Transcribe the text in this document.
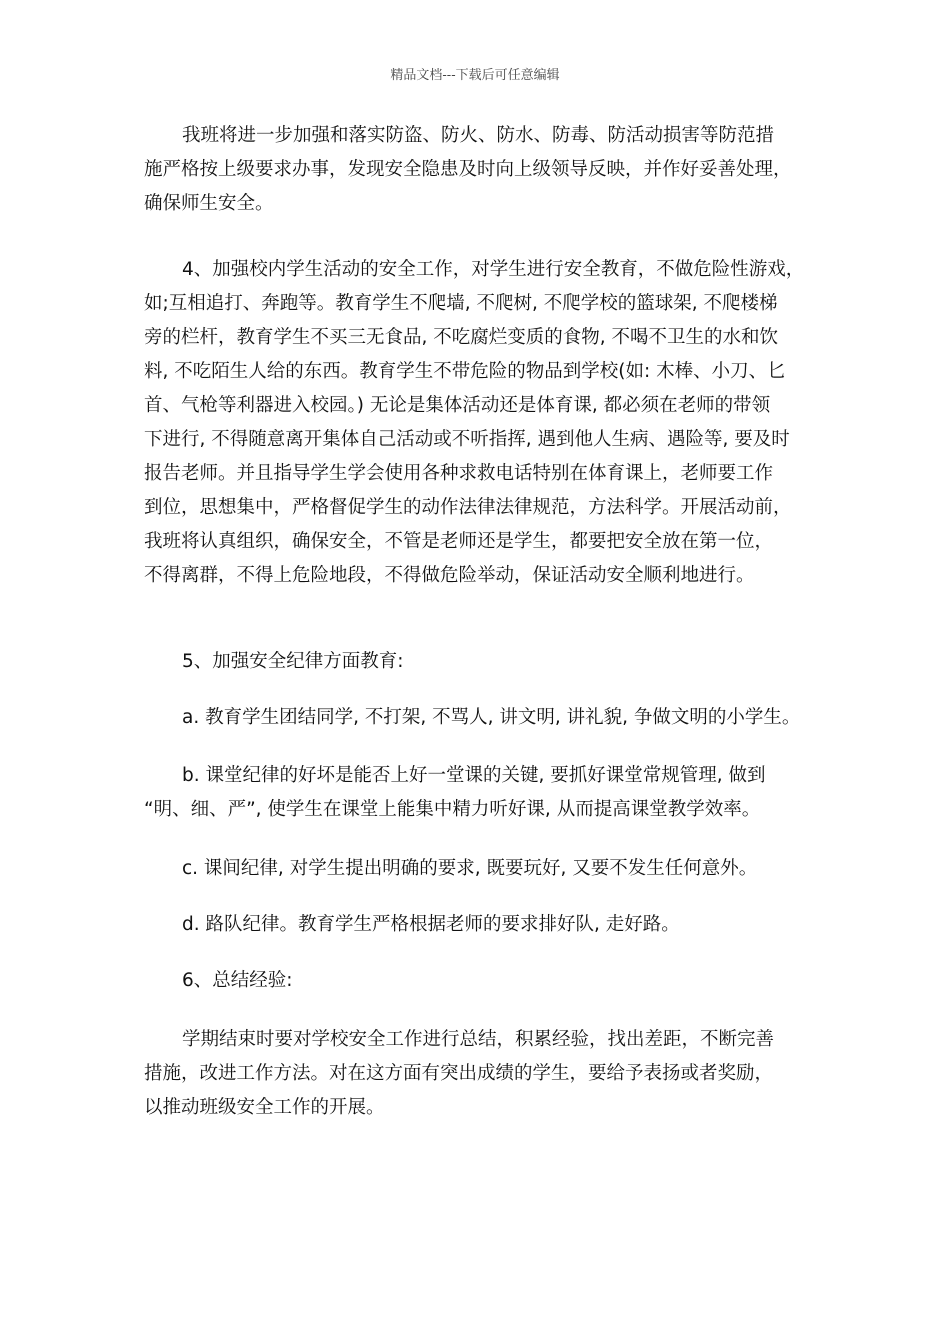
精品文档---下载后可任意编辑
我班将进一步加强和落实防盗、防火、防水、防毒、防活动损害等防范措
施严格按上级要求办事，发现安全隐患及时向上级领导反映，并作好妥善处理，
确保师生安全。
4、加强校内学生活动的安全工作，对学生进行安全教育，不做危险性游戏，
如;互相追打、奔跑等。教育学生不爬墙, 不爬树, 不爬学校的篮球架, 不爬楼梯
旁的栏杆，教育学生不买三无食品, 不吃腐烂变质的食物, 不喝不卫生的水和饮
料, 不吃陌生人给的东西。教育学生不带危险的物品到学校(如: 木棒、小刀、匕
首、气枪等利器进入校园。) 无论是集体活动还是体育课, 都必须在老师的带领
下进行, 不得随意离开集体自己活动或不听指挥, 遇到他人生病、遇险等, 要及时
报告老师。并且指导学生学会使用各种求救电话特别在体育课上，老师要工作
到位，思想集中，严格督促学生的动作法律法律规范，方法科学。开展活动前，
我班将认真组织，确保安全，不管是老师还是学生，都要把安全放在第一位，
不得离群，不得上危险地段，不得做危险举动，保证活动安全顺利地进行。
5、加强安全纪律方面教育:
a. 教育学生团结同学, 不打架, 不骂人, 讲文明, 讲礼貌, 争做文明的小学生。
b. 课堂纪律的好坏是能否上好一堂课的关键, 要抓好课堂常规管理, 做到
“明、细、严”, 使学生在课堂上能集中精力听好课, 从而提高课堂教学效率。
c. 课间纪律, 对学生提出明确的要求, 既要玩好, 又要不发生任何意外。
d. 路队纪律。教育学生严格根据老师的要求排好队, 走好路。
6、总结经验:
学期结束时要对学校安全工作进行总结，积累经验，找出差距，不断完善
措施，改进工作方法。对在这方面有突出成绩的学生，要给予表扬或者奖励，
以推动班级安全工作的开展。
